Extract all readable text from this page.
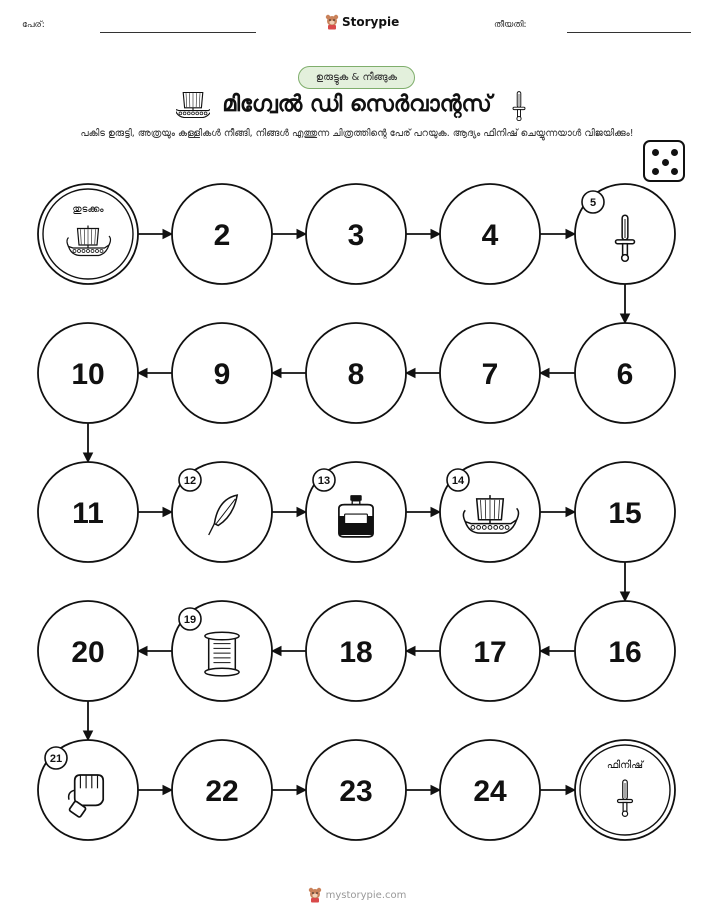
പേര്:	Storypie	തീയതി:
ഉരുട്ടുക & നീങ്ങുക
മിഗ്വേൽ ഡി സെർവാന്റസ്
പകിട ഉരുട്ടി, അത്രയും കള്ളികൾ നീങ്ങി, നിങ്ങൾ എത്തുന്ന ചിത്രത്തിന്റെ പേര് പറയുക. ആദ്യം ഫിനിഷ് ചെയ്യുന്നയാൾ വിജയിക്കും!
തുടക്കം
2	3	4
5
6
7
8
9
10
11
12	13	14
15
16
17
18
19
20
21
22	23	24
ഫിനിഷ്
mystorypie.com
